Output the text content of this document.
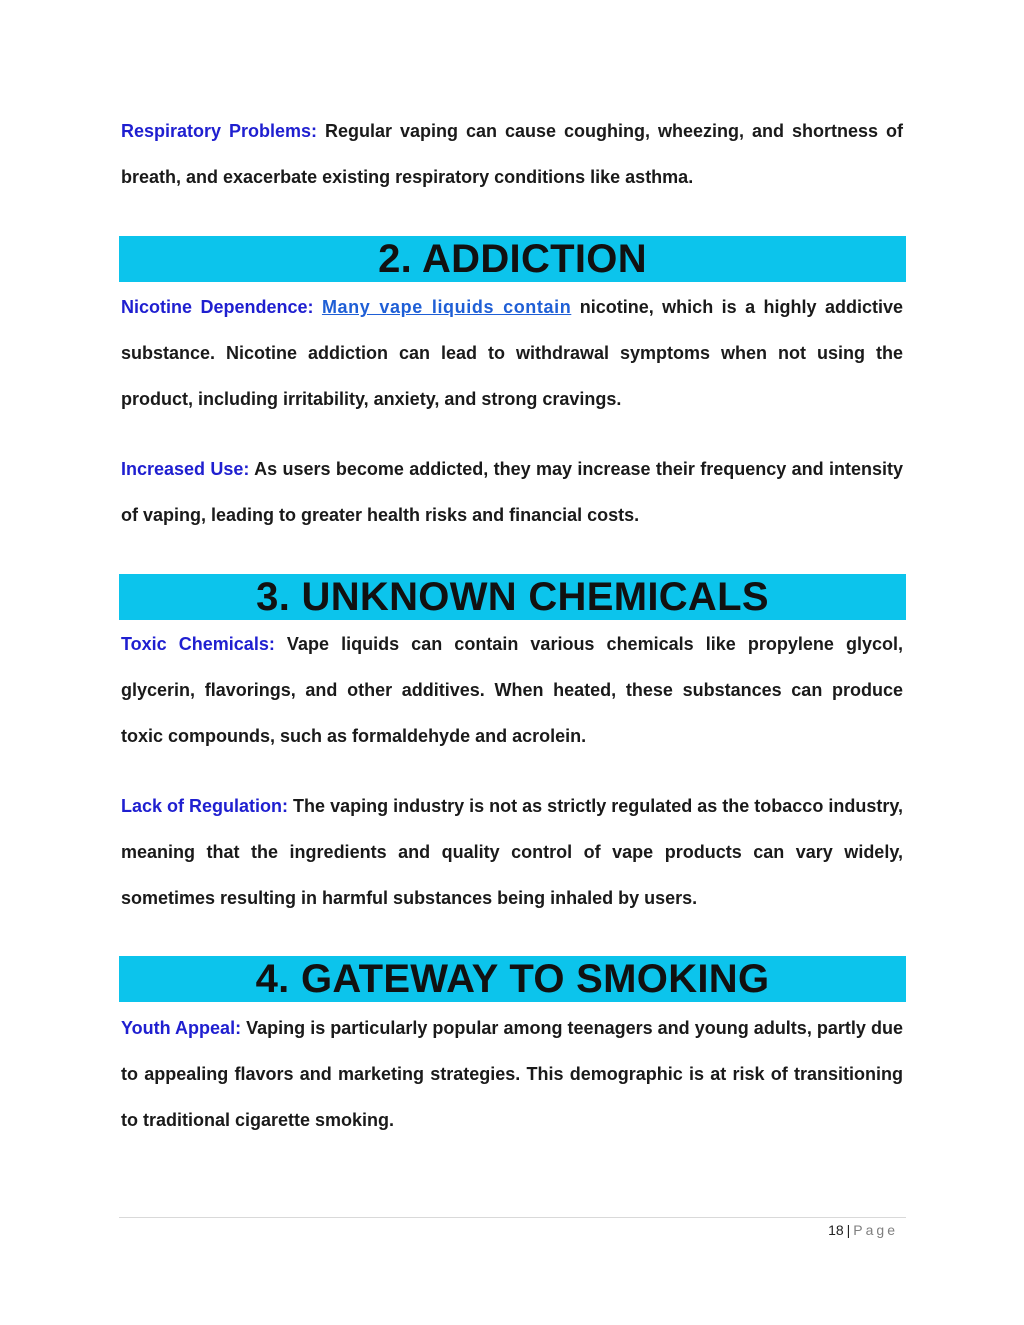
Respiratory Problems: Regular vaping can cause coughing, wheezing, and shortness of breath, and exacerbate existing respiratory conditions like asthma.

2. ADDICTION

Nicotine Dependence: Many vape liquids contain nicotine, which is a highly addictive substance. Nicotine addiction can lead to withdrawal symptoms when not using the product, including irritability, anxiety, and strong cravings.

Increased Use: As users become addicted, they may increase their frequency and intensity of vaping, leading to greater health risks and financial costs.

3. UNKNOWN CHEMICALS

Toxic Chemicals: Vape liquids can contain various chemicals like propylene glycol, glycerin, flavorings, and other additives. When heated, these substances can produce toxic compounds, such as formaldehyde and acrolein.

Lack of Regulation: The vaping industry is not as strictly regulated as the tobacco industry, meaning that the ingredients and quality control of vape products can vary widely, sometimes resulting in harmful substances being inhaled by users.

4. GATEWAY TO SMOKING

Youth Appeal: Vaping is particularly popular among teenagers and young adults, partly due to appealing flavors and marketing strategies. This demographic is at risk of transitioning to traditional cigarette smoking.

18 | Page
